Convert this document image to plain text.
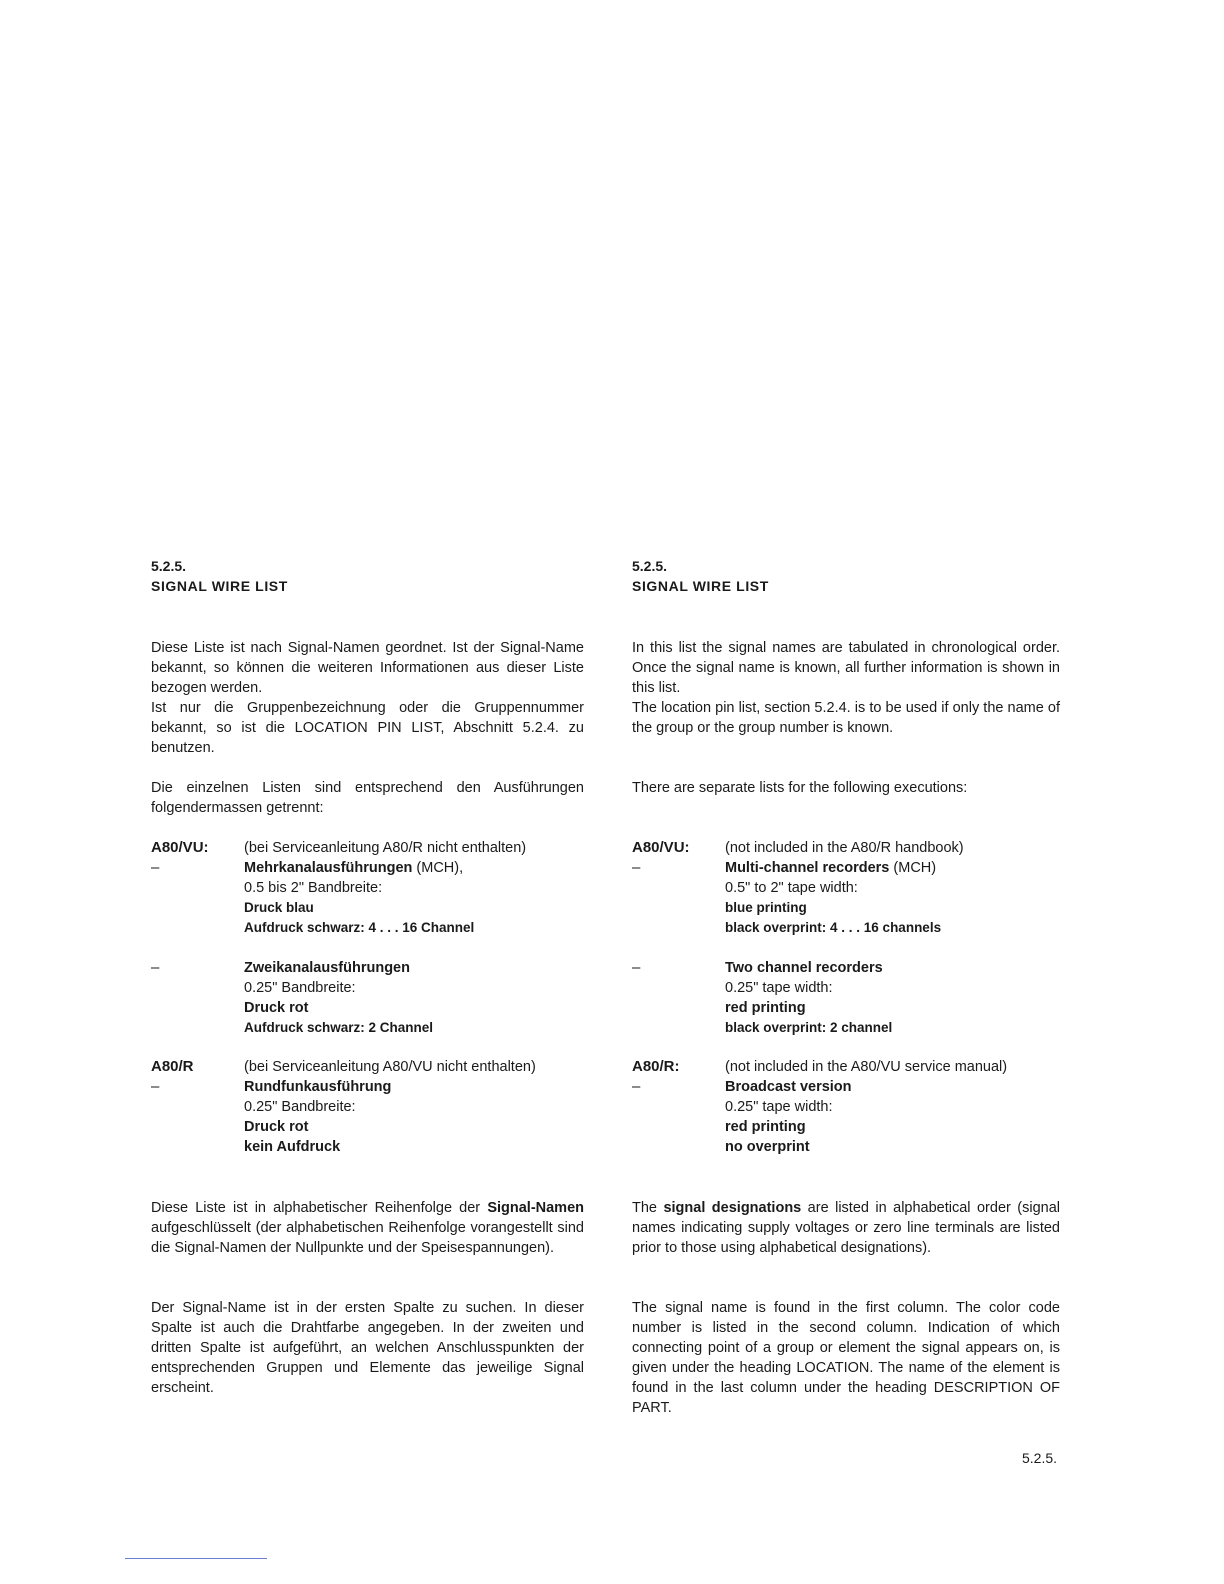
5.2.5.
SIGNAL WIRE LIST

Diese Liste ist nach Signal-Namen geordnet. Ist der Signal-Name bekannt, so können die weiteren Informationen aus dieser Liste bezogen werden.

Ist nur die Gruppenbezeichnung oder die Gruppennummer bekannt, so ist die LOCATION PIN LIST, Abschnitt 5.2.4. zu benutzen.

Die einzelnen Listen sind entsprechend den Ausführungen folgendermassen getrennt:

A80/VU:	(bei Serviceanleitung A80/R nicht enthalten)
–	Mehrkanalausführungen (MCH),
0.5 bis 2" Bandbreite:
Druck blau
Aufdruck schwarz: 4 . . . 16 Channel
–	Zweikanalausführungen
0.25" Bandbreite:
Druck rot
Aufdruck schwarz: 2 Channel
A80/R	(bei Serviceanleitung A80/VU nicht enthalten)
–	Rundfunkausführung
0.25" Bandbreite:
Druck rot
kein Aufdruck

Diese Liste ist in alphabetischer Reihenfolge der Signal-Namen aufgeschlüsselt (der alphabetischen Reihenfolge vorangestellt sind die Signal-Namen der Nullpunkte und der Speisespannungen).

Der Signal-Name ist in der ersten Spalte zu suchen. In dieser Spalte ist auch die Drahtfarbe angegeben. In der zweiten und dritten Spalte ist aufgeführt, an welchen Anschlusspunkten der entsprechenden Gruppen und Elemente das jeweilige Signal erscheint.

5.2.5.
SIGNAL WIRE LIST

In this list the signal names are tabulated in chronological order. Once the signal name is known, all further information is shown in this list.

The location pin list, section 5.2.4. is to be used if only the name of the group or the group number is known.

There are separate lists for the following executions:

A80/VU:	(not included in the A80/R handbook)
–	Multi-channel recorders (MCH)
0.5" to 2" tape width:
blue printing
black overprint: 4 . . . 16 channels
–	Two channel recorders
0.25" tape width:
red printing
black overprint: 2 channel
A80/R:	(not included in the A80/VU service manual)
–	Broadcast version
0.25" tape width:
red printing
no overprint

The signal designations are listed in alphabetical order (signal names indicating supply voltages or zero line terminals are listed prior to those using alphabetical designations).

The signal name is found in the first column. The color code number is listed in the second column. Indication of which connecting point of a group or element the signal appears on, is given under the heading LOCATION. The name of the element is found in the last column under the heading DESCRIPTION OF PART.

5.2.5.
